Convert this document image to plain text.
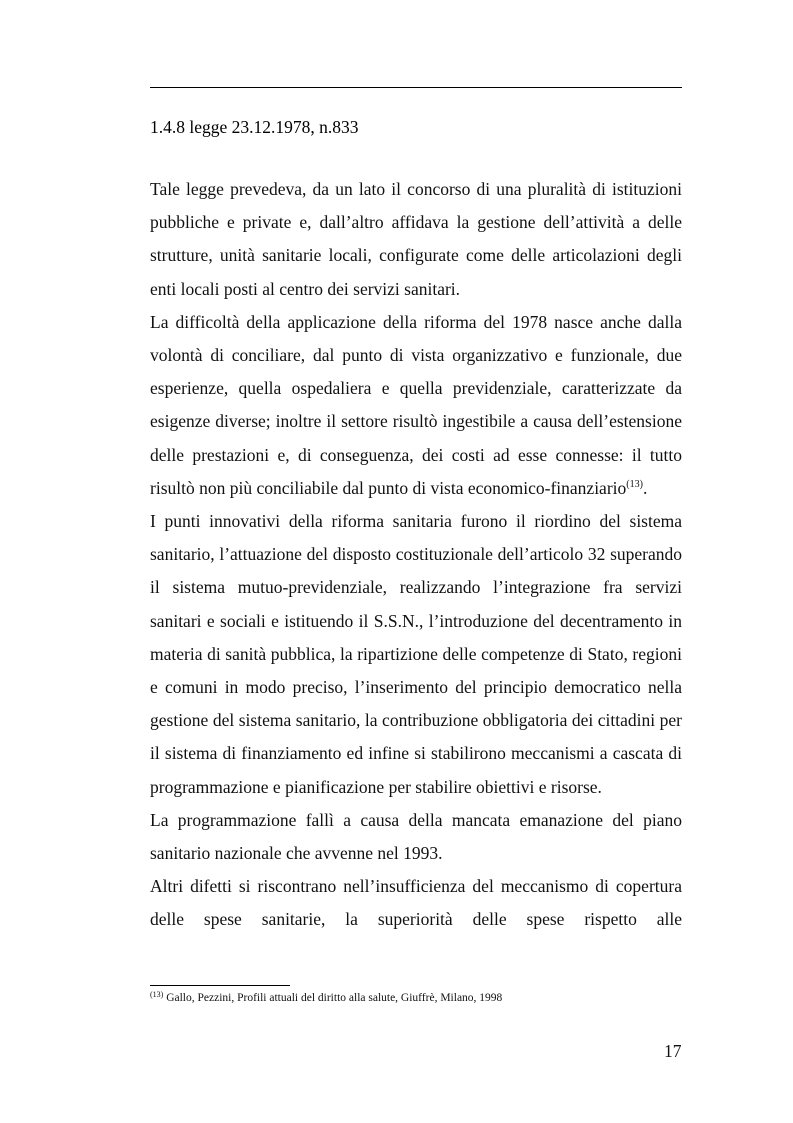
1.4.8 legge 23.12.1978, n.833

Tale legge prevedeva, da un lato il concorso di una pluralità di istituzioni pubbliche e private e, dall’altro affidava la gestione dell’attività a delle strutture, unità sanitarie locali, configurate come delle articolazioni degli enti locali posti al centro dei servizi sanitari.

La difficoltà della applicazione della riforma del 1978 nasce anche dalla volontà di conciliare, dal punto di vista organizzativo e funzionale, due esperienze, quella ospedaliera e quella previdenziale, caratterizzate da esigenze diverse; inoltre il settore risultò ingestibile a causa dell’estensione delle prestazioni e, di conseguenza, dei costi ad esse connesse: il tutto risultò non più conciliabile dal punto di vista economico-finanziario$^{(13)}$.

I punti innovativi della riforma sanitaria furono il riordino del sistema sanitario, l’attuazione del disposto costituzionale dell’articolo 32 superando il sistema mutuo-previdenziale, realizzando l’integrazione fra servizi sanitari e sociali e istituendo il S.S.N., l’introduzione del decentramento in materia di sanità pubblica, la ripartizione delle competenze di Stato, regioni e comuni in modo preciso, l’inserimento del principio democratico nella gestione del sistema sanitario, la contribuzione obbligatoria dei cittadini per il sistema di finanziamento ed infine si stabilirono meccanismi a cascata di programmazione e pianificazione per stabilire obiettivi e risorse.

La programmazione fallì a causa della mancata emanazione del piano sanitario nazionale che avvenne nel 1993.

Altri difetti si riscontrano nell’insufficienza del meccanismo di copertura delle spese sanitarie, la superiorità delle spese rispetto alle

$^{(13)}$ Gallo, Pezzini, Profili attuali del diritto alla salute, Giuffrè, Milano, 1998
17
